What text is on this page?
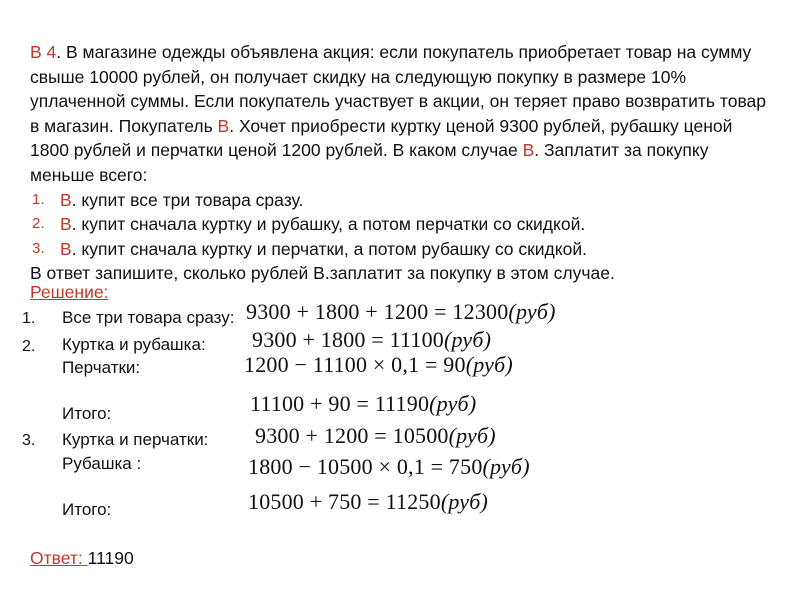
В 4. В магазине одежды объявлена акция: если покупатель приобретает товар на сумму свыше 10000 рублей, он получает скидку на следующую покупку в размере 10% уплаченной суммы. Если покупатель участвует в акции, он теряет право возвратить товар в магазин. Покупатель В. Хочет приобрести куртку ценой 9300 рублей, рубашку ценой 1800 рублей и перчатки ценой 1200 рублей. В каком случае В. Заплатит за покупку меньше всего:

1. В. купит все три товара сразу.
2. В. купит сначала куртку и рубашку, а потом перчатки со скидкой.
3. В. купит сначала куртку и перчатки, а потом рубашку со скидкой.

В ответ запишите, сколько рублей В.заплатит за покупку в этом случае.

Решение:
1. Все три товара сразу: 9300 + 1800 + 1200 = 12300(руб)
2. Куртка и рубашка: 9300 + 1800 = 11100(руб)
Перчатки:	1200 − 11100 × 0,1 = 90(руб)
Итого:	11100 + 90 = 11190(руб)
3. Куртка и перчатки: 9300 + 1200 = 10500(руб)
Рубашка :	1800 − 10500 × 0,1 = 750(руб)
Итого:	10500 + 750 = 11250(руб)
Ответ: 11190
